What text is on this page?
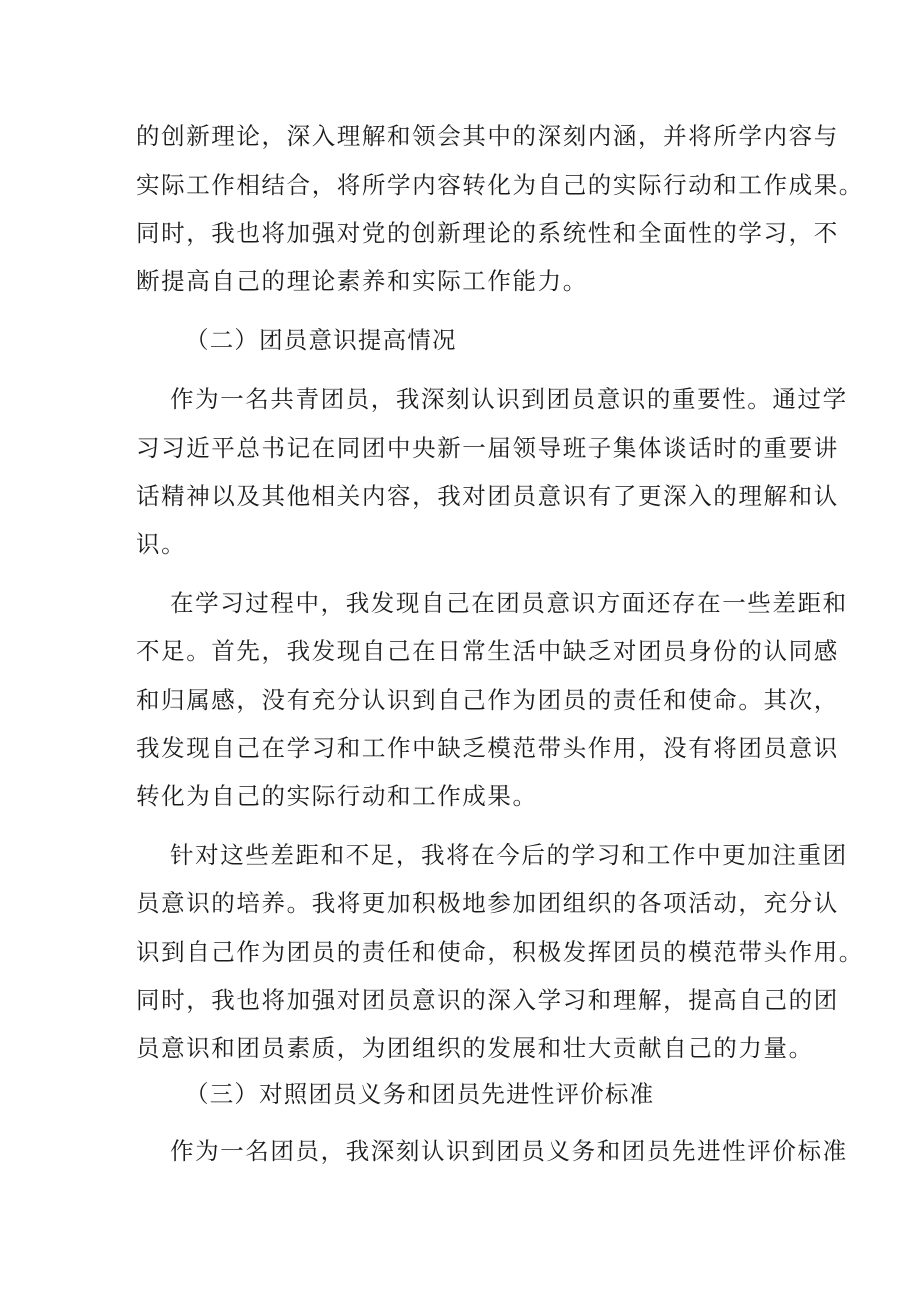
的创新理论，深入理解和领会其中的深刻内涵，并将所学内容与
实际工作相结合，将所学内容转化为自己的实际行动和工作成果。
同时，我也将加强对党的创新理论的系统性和全面性的学习，不
断提高自己的理论素养和实际工作能力。
（二）团员意识提高情况
作为一名共青团员，我深刻认识到团员意识的重要性。通过学
习习近平总书记在同团中央新一届领导班子集体谈话时的重要讲
话精神以及其他相关内容，我对团员意识有了更深入的理解和认
识。
在学习过程中，我发现自己在团员意识方面还存在一些差距和
不足。首先，我发现自己在日常生活中缺乏对团员身份的认同感
和归属感，没有充分认识到自己作为团员的责任和使命。其次，
我发现自己在学习和工作中缺乏模范带头作用，没有将团员意识
转化为自己的实际行动和工作成果。
针对这些差距和不足，我将在今后的学习和工作中更加注重团
员意识的培养。我将更加积极地参加团组织的各项活动，充分认
识到自己作为团员的责任和使命，积极发挥团员的模范带头作用。
同时，我也将加强对团员意识的深入学习和理解，提高自己的团
员意识和团员素质，为团组织的发展和壮大贡献自己的力量。
（三）对照团员义务和团员先进性评价标准
作为一名团员，我深刻认识到团员义务和团员先进性评价标准
